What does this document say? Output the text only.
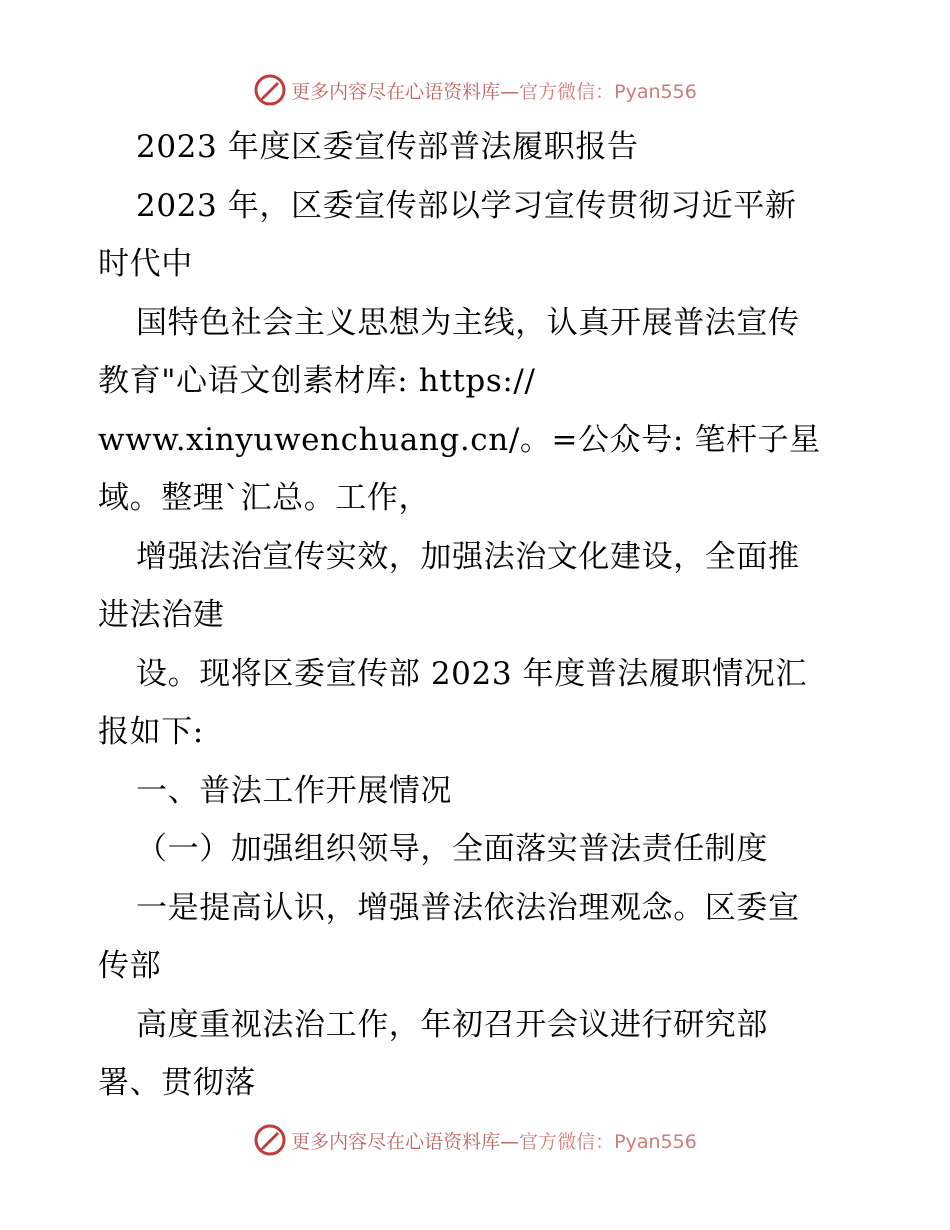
更多内容尽在心语资料库—官方微信：Pyan556
2023 年度区委宣传部普法履职报告
2023 年，区委宣传部以学习宣传贯彻习近平新
时代中
国特色社会主义思想为主线，认真开展普法宣传
教育"心语文创素材库: https://
www.xinyuwenchuang.cn/。=公众号: 笔杆子星
域。整理`汇总。工作，
增强法治宣传实效，加强法治文化建设，全面推
进法治建
设。现将区委宣传部 2023 年度普法履职情况汇
报如下:
一、普法工作开展情况
（一）加强组织领导，全面落实普法责任制度
一是提高认识，增强普法依法治理观念。区委宣
传部
高度重视法治工作，年初召开会议进行研究部
署、贯彻落
更多内容尽在心语资料库—官方微信：Pyan556
